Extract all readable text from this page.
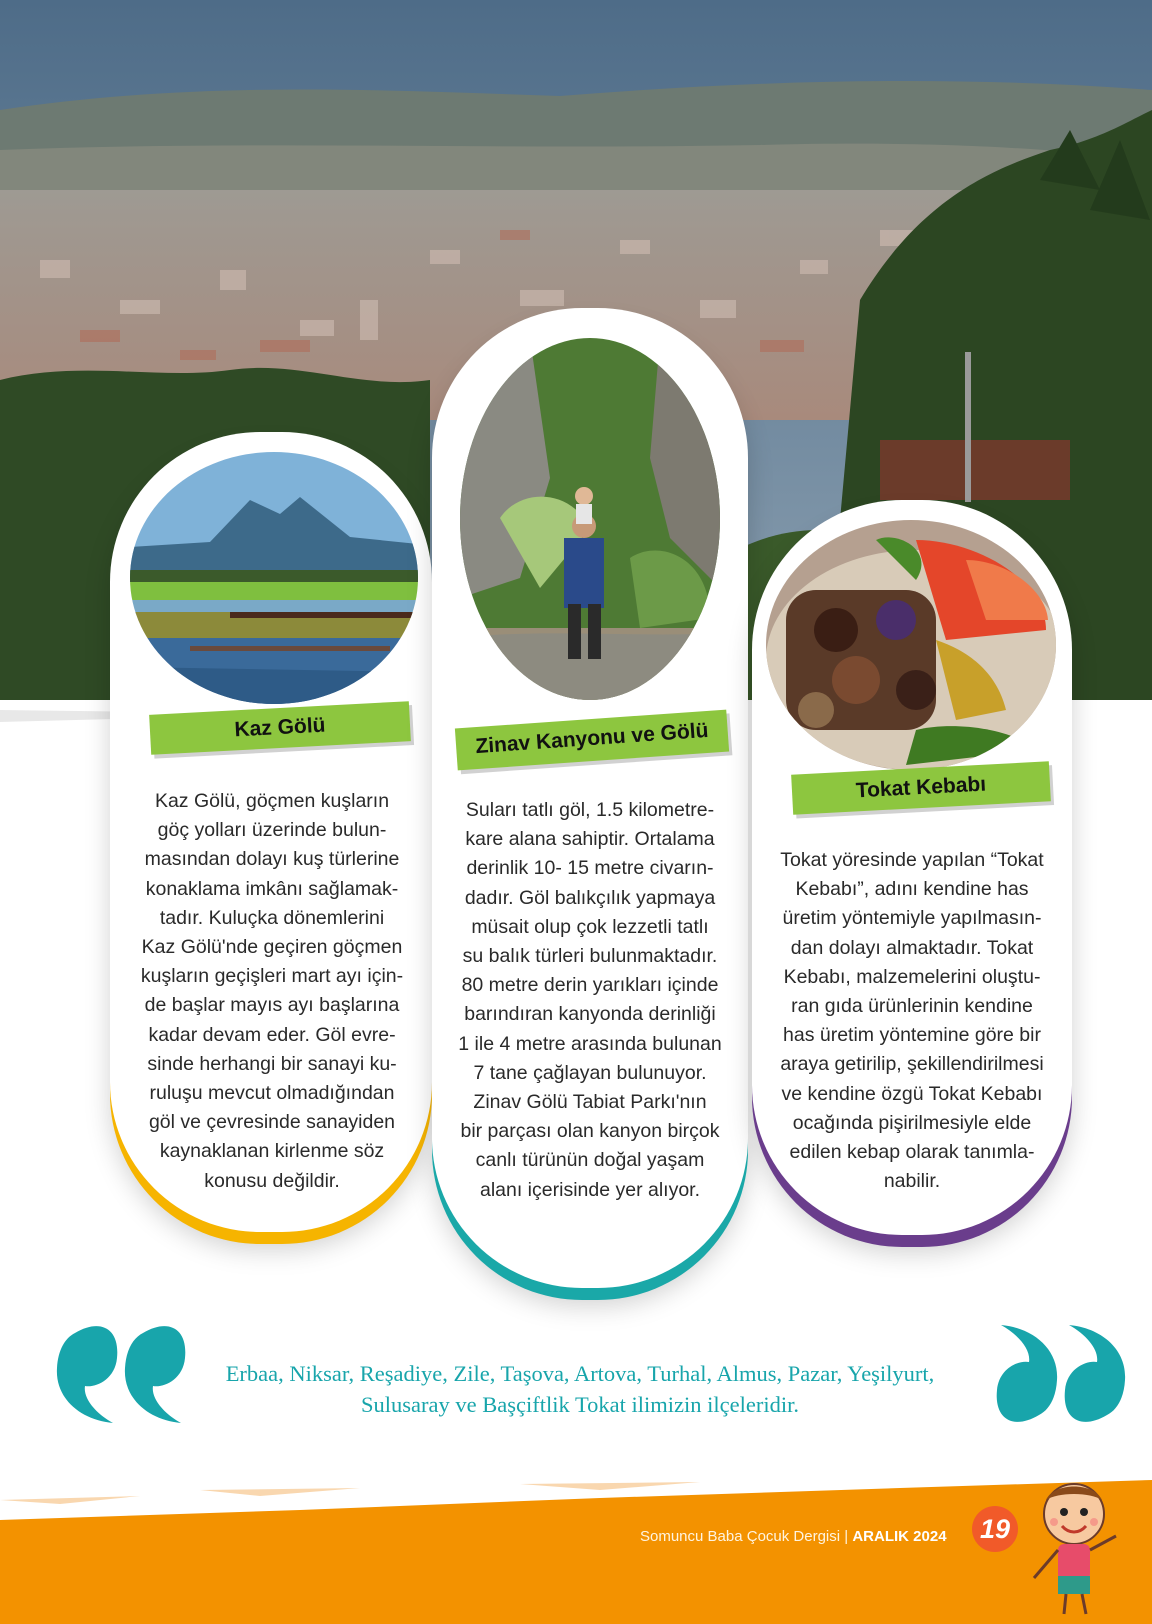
Kaz Gölü
Kaz Gölü, göçmen kuşların
göç yolları üzerinde bulun-
masından dolayı kuş türlerine
konaklama imkânı sağlamak-
tadır. Kuluçka dönemlerini
Kaz Gölü'nde geçiren göçmen
kuşların geçişleri mart ayı için-
de başlar mayıs ayı başlarına
kadar devam eder. Göl evre-
sinde herhangi bir sanayi ku-
ruluşu mevcut olmadığından
göl ve çevresinde sanayiden
kaynaklanan kirlenme söz
konusu değildir.
Zinav Kanyonu ve Gölü
Suları tatlı göl, 1.5 kilometre-
kare alana sahiptir. Ortalama
derinlik 10- 15 metre civarın-
dadır. Göl balıkçılık yapmaya
müsait olup çok lezzetli tatlı
su balık türleri bulunmaktadır.
80 metre derin yarıkları içinde
barındıran kanyonda derinliği
1 ile 4 metre arasında bulunan
7 tane çağlayan bulunuyor.
Zinav Gölü Tabiat Parkı'nın
bir parçası olan kanyon birçok
canlı türünün doğal yaşam
alanı içerisinde yer alıyor.
Tokat Kebabı
Tokat yöresinde yapılan “Tokat
Kebabı”, adını kendine has
üretim yöntemiyle yapılmasın-
dan dolayı almaktadır. Tokat
Kebabı, malzemelerini oluştu-
ran gıda ürünlerinin kendine
has üretim yöntemine göre bir
araya getirilip, şekillendirilmesi
ve kendine özgü Tokat Kebabı
ocağında pişirilmesiyle elde
edilen kebap olarak tanımla-
nabilir.
Erbaa, Niksar, Reşadiye, Zile, Taşova, Artova, Turhal, Almus, Pazar, Yeşilyurt,
Sulusaray ve Başçiftlik Tokat ilimizin ilçeleridir.
Somuncu Baba Çocuk Dergisi | ARALIK 2024 19
